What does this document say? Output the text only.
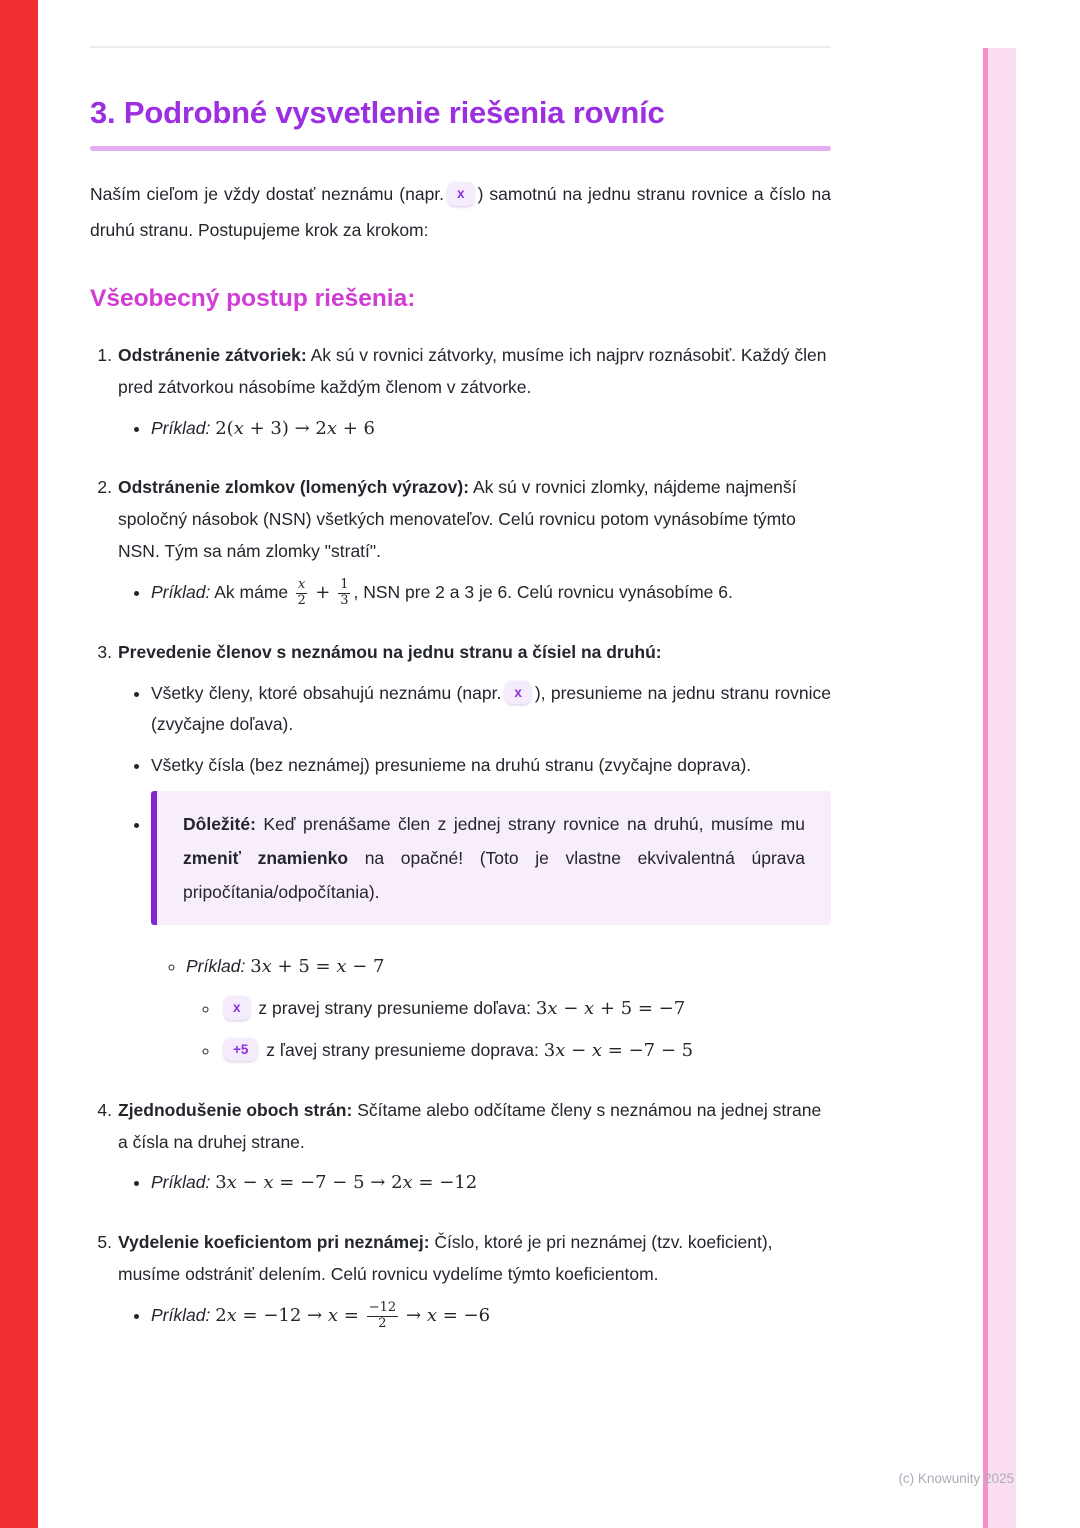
3. Podrobné vysvetlenie riešenia rovníc

Naším cieľom je vždy dostať neznámu (napr. x ) samotnú na jednu stranu rovnice a číslo na druhú stranu. Postupujeme krok za krokom:

Všeobecný postup riešenia:
1. Odstránenie zátvoriek: Ak sú v rovnici zátvorky, musíme ich najprv roznásobiť. Každý člen pred zátvorkou násobíme každým členom v zátvorke.

• Príklad: 2(x + 3) → 2x + 6
2. Odstránenie zlomkov (lomených výrazov): Ak sú v rovnici zlomky, nájdeme najmenší spoločný násobok (NSN) všetkých menovateľov. Celú rovnicu potom vynásobíme týmto NSN. Tým sa nám zlomky "stratí".

• Príklad: Ak máme $\frac{x}{2} + \frac{1}{3}$ , NSN pre 2 a 3 je 6. Celú rovnicu vynásobíme 6.
3. Prevedenie členov s neznámou na jednu stranu a čísiel na druhú:

• Všetky členy, ktoré obsahujú neznámu (napr. x ), presunieme na jednu stranu rovnice (zvyčajne doľava).
• Všetky čísla (bez neznámej) presunieme na druhú stranu (zvyčajne doprava).

• Dôležité: Keď prenášame člen z jednej strany rovnice na druhú, musíme mu zmeniť znamienko na opačné! (Toto je vlastne ekvivalentná úprava pripočítania/odpočítania).

◦ Príklad: 3x + 5 = x − 7
◦ x z pravej strany presunieme doľava: 3x − x + 5 = −7
◦ +5 z ľavej strany presunieme doprava: 3x − x = −7 − 5
4. Zjednodušenie oboch strán: Sčítame alebo odčítame členy s neznámou na jednej strane a čísla na druhej strane.

• Príklad: 3x − x = −7 − 5 → 2x = −12
5. Vydelenie koeficientom pri neznámej: Číslo, ktoré je pri neznámej (tzv. koeficient), musíme odstrániť delením. Celú rovnicu vydelíme týmto koeficientom.

• Príklad: $2x = -12 \to x = \frac{-12}{2} \to x = -6$
(c) Knowunity 2025
